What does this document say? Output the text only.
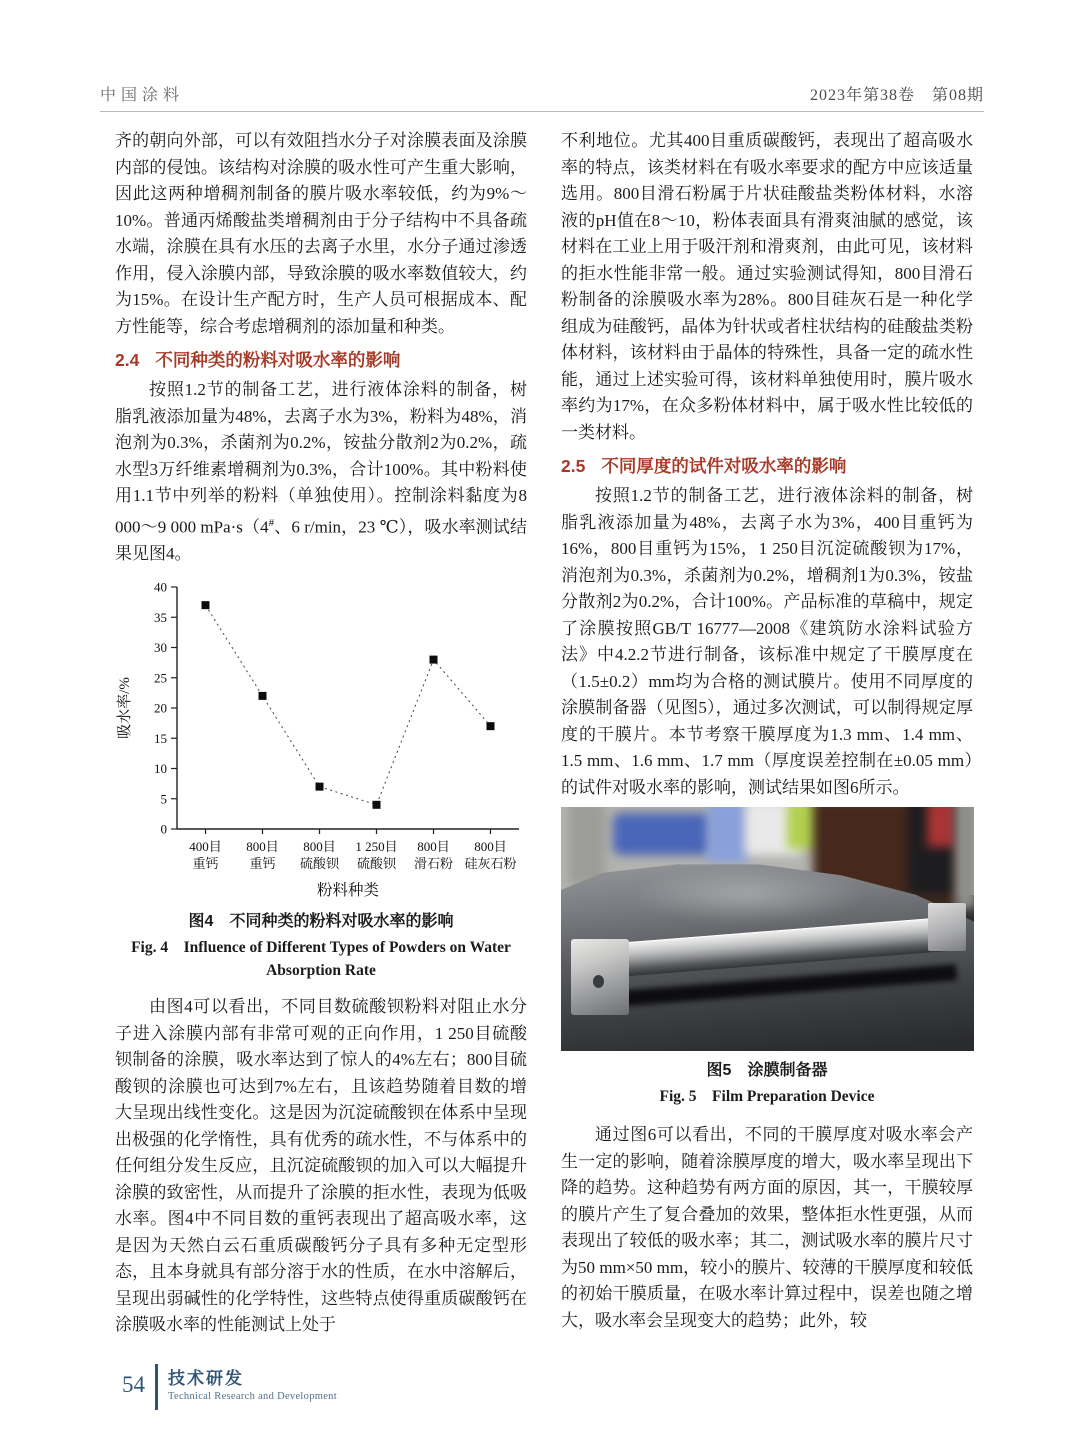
中国涂料	2023年第38卷　第08期

齐的朝向外部，可以有效阻挡水分子对涂膜表面及涂膜内部的侵蚀。该结构对涂膜的吸水性可产生重大影响，因此这两种增稠剂制备的膜片吸水率较低，约为9%～10%。普通丙烯酸盐类增稠剂由于分子结构中不具备疏水端，涂膜在具有水压的去离子水里，水分子通过渗透作用，侵入涂膜内部，导致涂膜的吸水率数值较大，约为15%。在设计生产配方时，生产人员可根据成本、配方性能等，综合考虑增稠剂的添加量和种类。

2.4 不同种类的粉料对吸水率的影响

按照1.2节的制备工艺，进行液体涂料的制备，树脂乳液添加量为48%，去离子水为3%，粉料为48%，消泡剂为0.3%，杀菌剂为0.2%，铵盐分散剂2为0.2%，疏水型3万纤维素增稠剂为0.3%，合计100%。其中粉料使用1.1节中列举的粉料（单独使用）。控制涂料黏度为8 000～9 000 mPa·s（4#、6 r/min，23 ℃），吸水率测试结果见图4。

0
5
10
15
20
25
30
35
40
400目重钙
800目重钙
800目硫酸钡
1 250目硫酸钡
800目滑石粉
800目硅灰石粉
粉料种类
吸水率/%
图4　不同种类的粉料对吸水率的影响
Fig. 4　Influence of Different Types of Powders on Water Absorption Rate

由图4可以看出，不同目数硫酸钡粉料对阻止水分子进入涂膜内部有非常可观的正向作用，1 250目硫酸钡制备的涂膜，吸水率达到了惊人的4%左右；800目硫酸钡的涂膜也可达到7%左右，且该趋势随着目数的增大呈现出线性变化。这是因为沉淀硫酸钡在体系中呈现出极强的化学惰性，具有优秀的疏水性，不与体系中的任何组分发生反应，且沉淀硫酸钡的加入可以大幅提升涂膜的致密性，从而提升了涂膜的拒水性，表现为低吸水率。图4中不同目数的重钙表现出了超高吸水率，这是因为天然白云石重质碳酸钙分子具有多种无定型形态，且本身就具有部分溶于水的性质，在水中溶解后，呈现出弱碱性的化学特性，这些特点使得重质碳酸钙在涂膜吸水率的性能测试上处于

不利地位。尤其400目重质碳酸钙，表现出了超高吸水率的特点，该类材料在有吸水率要求的配方中应该适量选用。800目滑石粉属于片状硅酸盐类粉体材料，水溶液的pH值在8～10，粉体表面具有滑爽油腻的感觉，该材料在工业上用于吸汗剂和滑爽剂，由此可见，该材料的拒水性能非常一般。通过实验测试得知，800目滑石粉制备的涂膜吸水率为28%。800目硅灰石是一种化学组成为硅酸钙，晶体为针状或者柱状结构的硅酸盐类粉体材料，该材料由于晶体的特殊性，具备一定的疏水性能，通过上述实验可得，该材料单独使用时，膜片吸水率约为17%，在众多粉体材料中，属于吸水性比较低的一类材料。

2.5 不同厚度的试件对吸水率的影响

按照1.2节的制备工艺，进行液体涂料的制备，树脂乳液添加量为48%，去离子水为3%，400目重钙为16%，800目重钙为15%，1 250目沉淀硫酸钡为17%，消泡剂为0.3%，杀菌剂为0.2%，增稠剂1为0.3%，铵盐分散剂2为0.2%，合计100%。产品标准的草稿中，规定了涂膜按照GB/T 16777—2008《建筑防水涂料试验方法》中4.2.2节进行制备，该标准中规定了干膜厚度在（1.5±0.2）mm均为合格的测试膜片。使用不同厚度的涂膜制备器（见图5），通过多次测试，可以制得规定厚度的干膜片。本节考察干膜厚度为1.3 mm、1.4 mm、1.5 mm、1.6 mm、1.7 mm（厚度误差控制在±0.05 mm）的试件对吸水率的影响，测试结果如图6所示。

图5　涂膜制备器
Fig. 5　Film Preparation Device

通过图6可以看出，不同的干膜厚度对吸水率会产生一定的影响，随着涂膜厚度的增大，吸水率呈现出下降的趋势。这种趋势有两方面的原因，其一，干膜较厚的膜片产生了复合叠加的效果，整体拒水性更强，从而表现出了较低的吸水率；其二，测试吸水率的膜片尺寸为50 mm×50 mm，较小的膜片、较薄的干膜厚度和较低的初始干膜质量，在吸水率计算过程中，误差也随之增大，吸水率会呈现变大的趋势；此外，较

54 技术研发
Technical Research and Development
